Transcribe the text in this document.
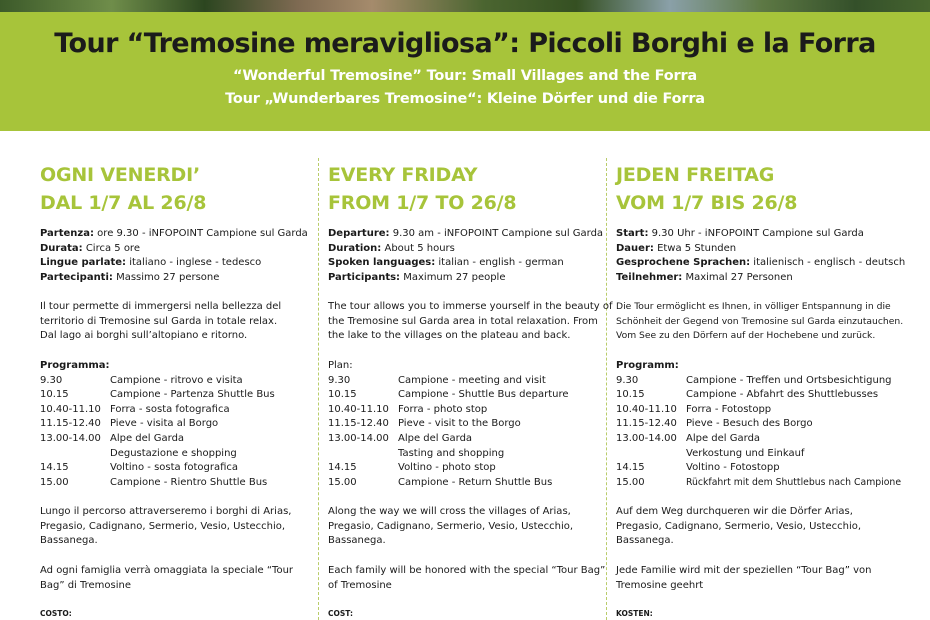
Tour “Tremosine meravigliosa”: Piccoli Borghi e la Forra
“Wonderful Tremosine” Tour: Small Villages and the Forra
Tour „Wunderbares Tremosine“: Kleine Dörfer und die Forra
OGNI VENERDI’
DAL 1/7 AL 26/8
Partenza: ore 9.30 - iNFOPOINT Campione sul Garda
Durata: Circa 5 ore
Lingue parlate: italiano - inglese - tedesco
Partecipanti: Massimo 27 persone
Il tour permette di immergersi nella bellezza del
territorio di Tremosine sul Garda in totale relax.
Dal lago ai borghi sull’altopiano e ritorno.
Programma:
9.30	Campione - ritrovo e visita
10.15	Campione - Partenza Shuttle Bus
10.40-11.10 Forra - sosta fotografica
11.15-12.40 Pieve - visita al Borgo
13.00-14.00 Alpe del Garda
Degustazione e shopping
14.15	Voltino - sosta fotografica
15.00	Campione - Rientro Shuttle Bus
Lungo il percorso attraverseremo i borghi di Arias,
Pregasio, Cadignano, Sermerio, Vesio, Ustecchio,
Bassanega.
Ad ogni famiglia verrà omaggiata la speciale “Tour
Bag” di Tremosine
COSTO:
EVERY FRIDAY
FROM 1/7 TO 26/8
Departure: 9.30 am - iNFOPOINT Campione sul Garda
Duration: About 5 hours
Spoken languages: italian - english - german
Participants: Maximum 27 people
The tour allows you to immerse yourself in the beauty of
the Tremosine sul Garda area in total relaxation. From
the lake to the villages on the plateau and back.
Plan:
9.30	Campione - meeting and visit
10.15	Campione - Shuttle Bus departure
10.40-11.10 Forra - photo stop
11.15-12.40 Pieve - visit to the Borgo
13.00-14.00 Alpe del Garda
Tasting and shopping
14.15	Voltino - photo stop
15.00	Campione - Return Shuttle Bus
Along the way we will cross the villages of Arias,
Pregasio, Cadignano, Sermerio, Vesio, Ustecchio,
Bassanega.
Each family will be honored with the special “Tour Bag”
of Tremosine
COST:
JEDEN FREITAG
VOM 1/7 BIS 26/8
Start: 9.30 Uhr - iNFOPOINT Campione sul Garda
Dauer: Etwa 5 Stunden
Gesprochene Sprachen: italienisch - englisch - deutsch
Teilnehmer: Maximal 27 Personen
Die Tour ermöglicht es Ihnen, in völliger Entspannung in die
Schönheit der Gegend von Tremosine sul Garda einzutauchen.
Vom See zu den Dörfern auf der Hochebene und zurück.
Programm:
9.30	Campione - Treffen und Ortsbesichtigung
10.15	Campione - Abfahrt des Shuttlebusses
10.40-11.10 Forra - Fotostopp
11.15-12.40 Pieve - Besuch des Borgo
13.00-14.00 Alpe del Garda
Verkostung und Einkauf
14.15	Voltino - Fotostopp
15.00	Rückfahrt mit dem Shuttlebus nach Campione
Auf dem Weg durchqueren wir die Dörfer Arias,
Pregasio, Cadignano, Sermerio, Vesio, Ustecchio,
Bassanega.
Jede Familie wird mit der speziellen “Tour Bag” von
Tremosine geehrt
KOSTEN:
